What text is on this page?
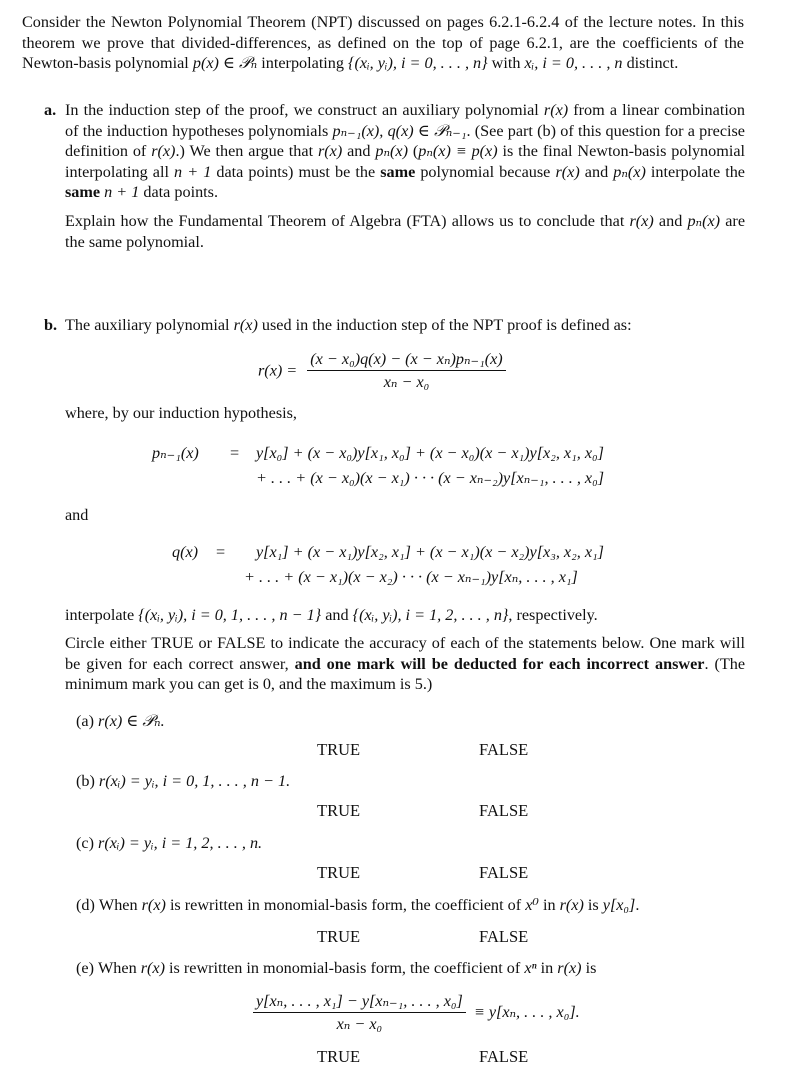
Consider the Newton Polynomial Theorem (NPT) discussed on pages 6.2.1-6.2.4 of the lecture notes. In this theorem we prove that divided-differences, as defined on the top of page 6.2.1, are the coefficients of the Newton-basis polynomial p(x) ∈ 𝒫ₙ interpolating {(xᵢ, yᵢ), i = 0, . . . , n} with xᵢ, i = 0, . . . , n distinct.
a. In the induction step of the proof, we construct an auxiliary polynomial r(x) from a linear combination of the induction hypotheses polynomials pₙ₋₁(x), q(x) ∈ 𝒫ₙ₋₁. (See part (b) of this question for a precise definition of r(x).) We then argue that r(x) and pₙ(x) (pₙ(x) ≡ p(x) is the final Newton-basis polynomial interpolating all n + 1 data points) must be the same polynomial because r(x) and pₙ(x) interpolate the same n + 1 data points.
Explain how the Fundamental Theorem of Algebra (FTA) allows us to conclude that r(x) and pₙ(x) are the same polynomial.
b. The auxiliary polynomial r(x) used in the induction step of the NPT proof is defined as:
$r(x) = \frac{\text{(x − x₀)q(x) − (x − xₙ)pₙ₋₁(x)}}{\text{xₙ − x₀}}$
where, by our induction hypothesis,
pₙ₋₁(x) = y[x₀] + (x − x₀)y[x₁, x₀] + (x − x₀)(x − x₁)y[x₂, x₁, x₀]
+ . . . + (x − x₀)(x − x₁) · · · (x − xₙ₋₂)y[xₙ₋₁, . . . , x₀]
and
q(x) = y[x₁] + (x − x₁)y[x₂, x₁] + (x − x₁)(x − x₂)y[x₃, x₂, x₁]
+ . . . + (x − x₁)(x − x₂) · · · (x − xₙ₋₁)y[xₙ, . . . , x₁]
interpolate {(xᵢ, yᵢ), i = 0, 1, . . . , n − 1} and {(xᵢ, yᵢ), i = 1, 2, . . . , n}, respectively.
Circle either TRUE or FALSE to indicate the accuracy of each of the statements below. One mark will be given for each correct answer, and one mark will be deducted for each incorrect answer. (The minimum mark you can get is 0, and the maximum is 5.)
(a) r(x) ∈ 𝒫ₙ.
TRUE	FALSE
(b) r(xᵢ) = yᵢ, i = 0, 1, . . . , n − 1.
TRUE	FALSE
(c) r(xᵢ) = yᵢ, i = 1, 2, . . . , n.
TRUE	FALSE
(d) When r(x) is rewritten in monomial-basis form, the coefficient of x⁰ in r(x) is y[x₀].
TRUE	FALSE
(e) When r(x) is rewritten in monomial-basis form, the coefficient of xⁿ in r(x) is
$\frac{\text{y[xₙ, . . . , x₁] − y[xₙ₋₁, . . . , x₀]}}{\text{xₙ − x₀}} \equiv y[x_n$, . . . , x₀].
TRUE	FALSE
